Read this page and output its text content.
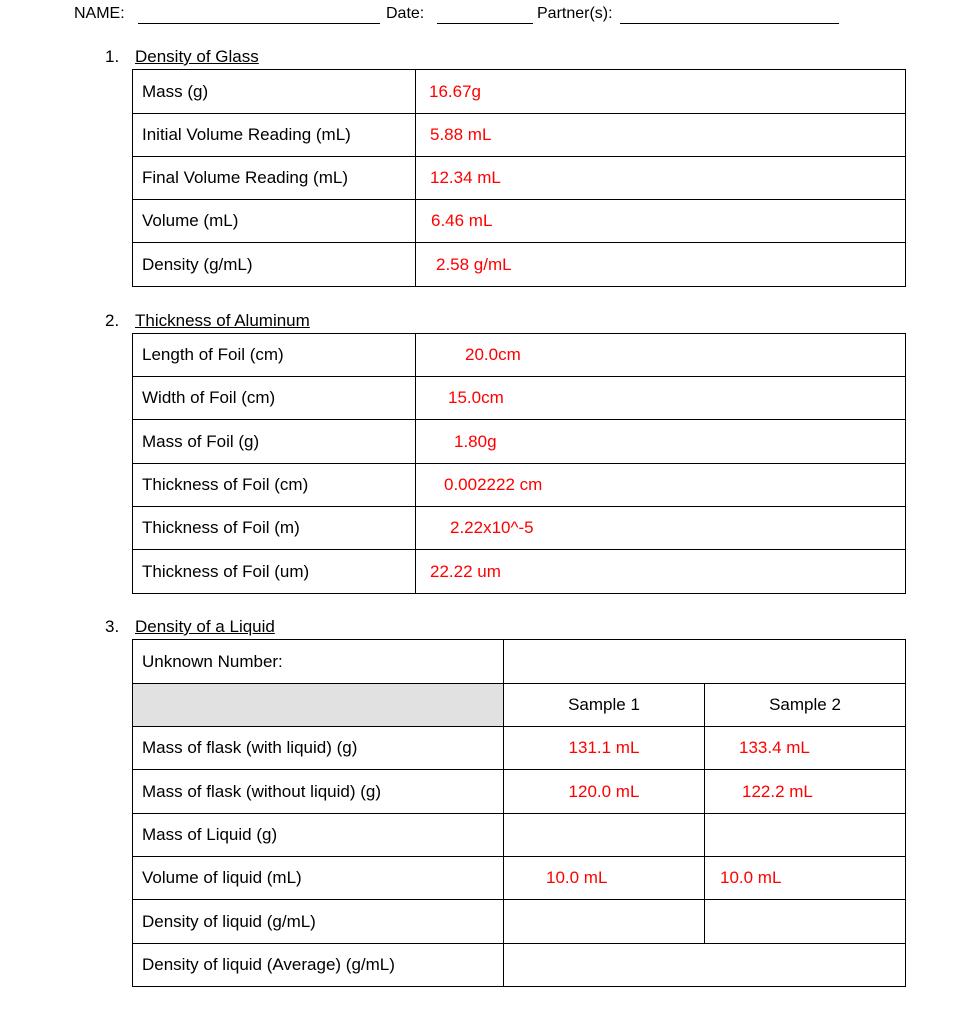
NAME:	Date:	Partner(s):
1. Density of Glass
Mass (g)	16.67g
Initial Volume Reading (mL)	5.88 mL
Final Volume Reading (mL)	12.34 mL
Volume (mL)	6.46 mL
Density (g/mL)	2.58 g/mL
2. Thickness of Aluminum
Length of Foil (cm)	20.0cm
Width of Foil (cm)	15.0cm
Mass of Foil (g)	1.80g
Thickness of Foil (cm)	0.002222 cm
Thickness of Foil (m)	2.22x10^-5
Thickness of Foil (um)	22.22 um
3. Density of a Liquid
Unknown Number:		
	Sample 1	Sample 2
Mass of flask (with liquid) (g)	131.1 mL	133.4 mL
Mass of flask (without liquid) (g)	120.0 mL	122.2 mL
Mass of Liquid (g)		
Volume of liquid (mL)	10.0 mL	10.0 mL
Density of liquid (g/mL)		
Density of liquid (Average) (g/mL)		
